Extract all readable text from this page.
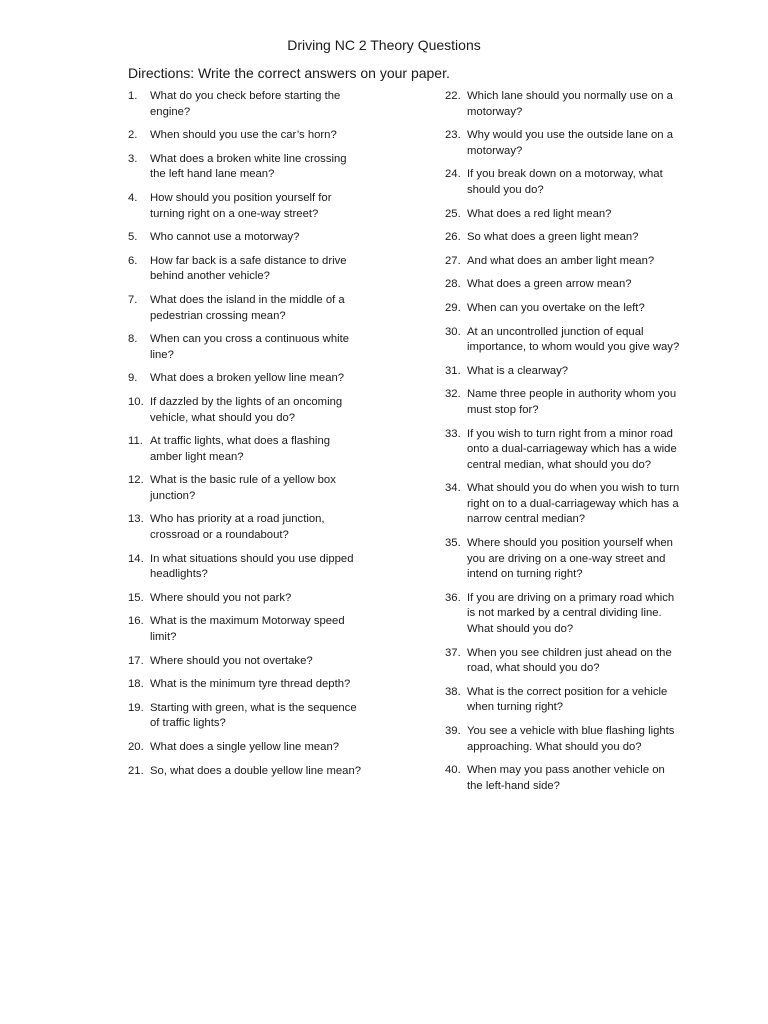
Driving NC 2 Theory Questions
Directions: Write the correct answers on your paper.
1.	What do you check before starting the engine?
2.	When should you use the car’s horn?
3.	What does a broken white line crossing the left hand lane mean?
4.	How should you position yourself for turning right on a one-way street?
5.	Who cannot use a motorway?
6.	How far back is a safe distance to drive behind another vehicle?
7.	What does the island in the middle of a pedestrian crossing mean?
8.	When can you cross a continuous white line?
9.	What does a broken yellow line mean?
10. If dazzled by the lights of an oncoming vehicle, what should you do?
11. At traffic lights, what does a flashing amber light mean?
12. What is the basic rule of a yellow box junction?
13. Who has priority at a road junction, crossroad or a roundabout?
14. In what situations should you use dipped headlights?
15. Where should you not park?
16. What is the maximum Motorway speed limit?
17. Where should you not overtake?
18. What is the minimum tyre thread depth?
19. Starting with green, what is the sequence of traffic lights?
20. What does a single yellow line mean?
21. So, what does a double yellow line mean?
22. Which lane should you normally use on a motorway?
23. Why would you use the outside lane on a motorway?
24. If you break down on a motorway, what should you do?
25. What does a red light mean?
26. So what does a green light mean?
27. And what does an amber light mean?
28. What does a green arrow mean?
29. When can you overtake on the left?
30. At an uncontrolled junction of equal importance, to whom would you give way?
31. What is a clearway?
32. Name three people in authority whom you must stop for?
33. If you wish to turn right from a minor road onto a dual-carriageway which has a wide central median, what should you do?
34. What should you do when you wish to turn right on to a dual-carriageway which has a narrow central median?
35. Where should you position yourself when you are driving on a one-way street and intend on turning right?
36. If you are driving on a primary road which is not marked by a central dividing line. What should you do?
37. When you see children just ahead on the road, what should you do?
38. What is the correct position for a vehicle when turning right?
39. You see a vehicle with blue flashing lights approaching. What should you do?
40. When may you pass another vehicle on the left-hand side?
